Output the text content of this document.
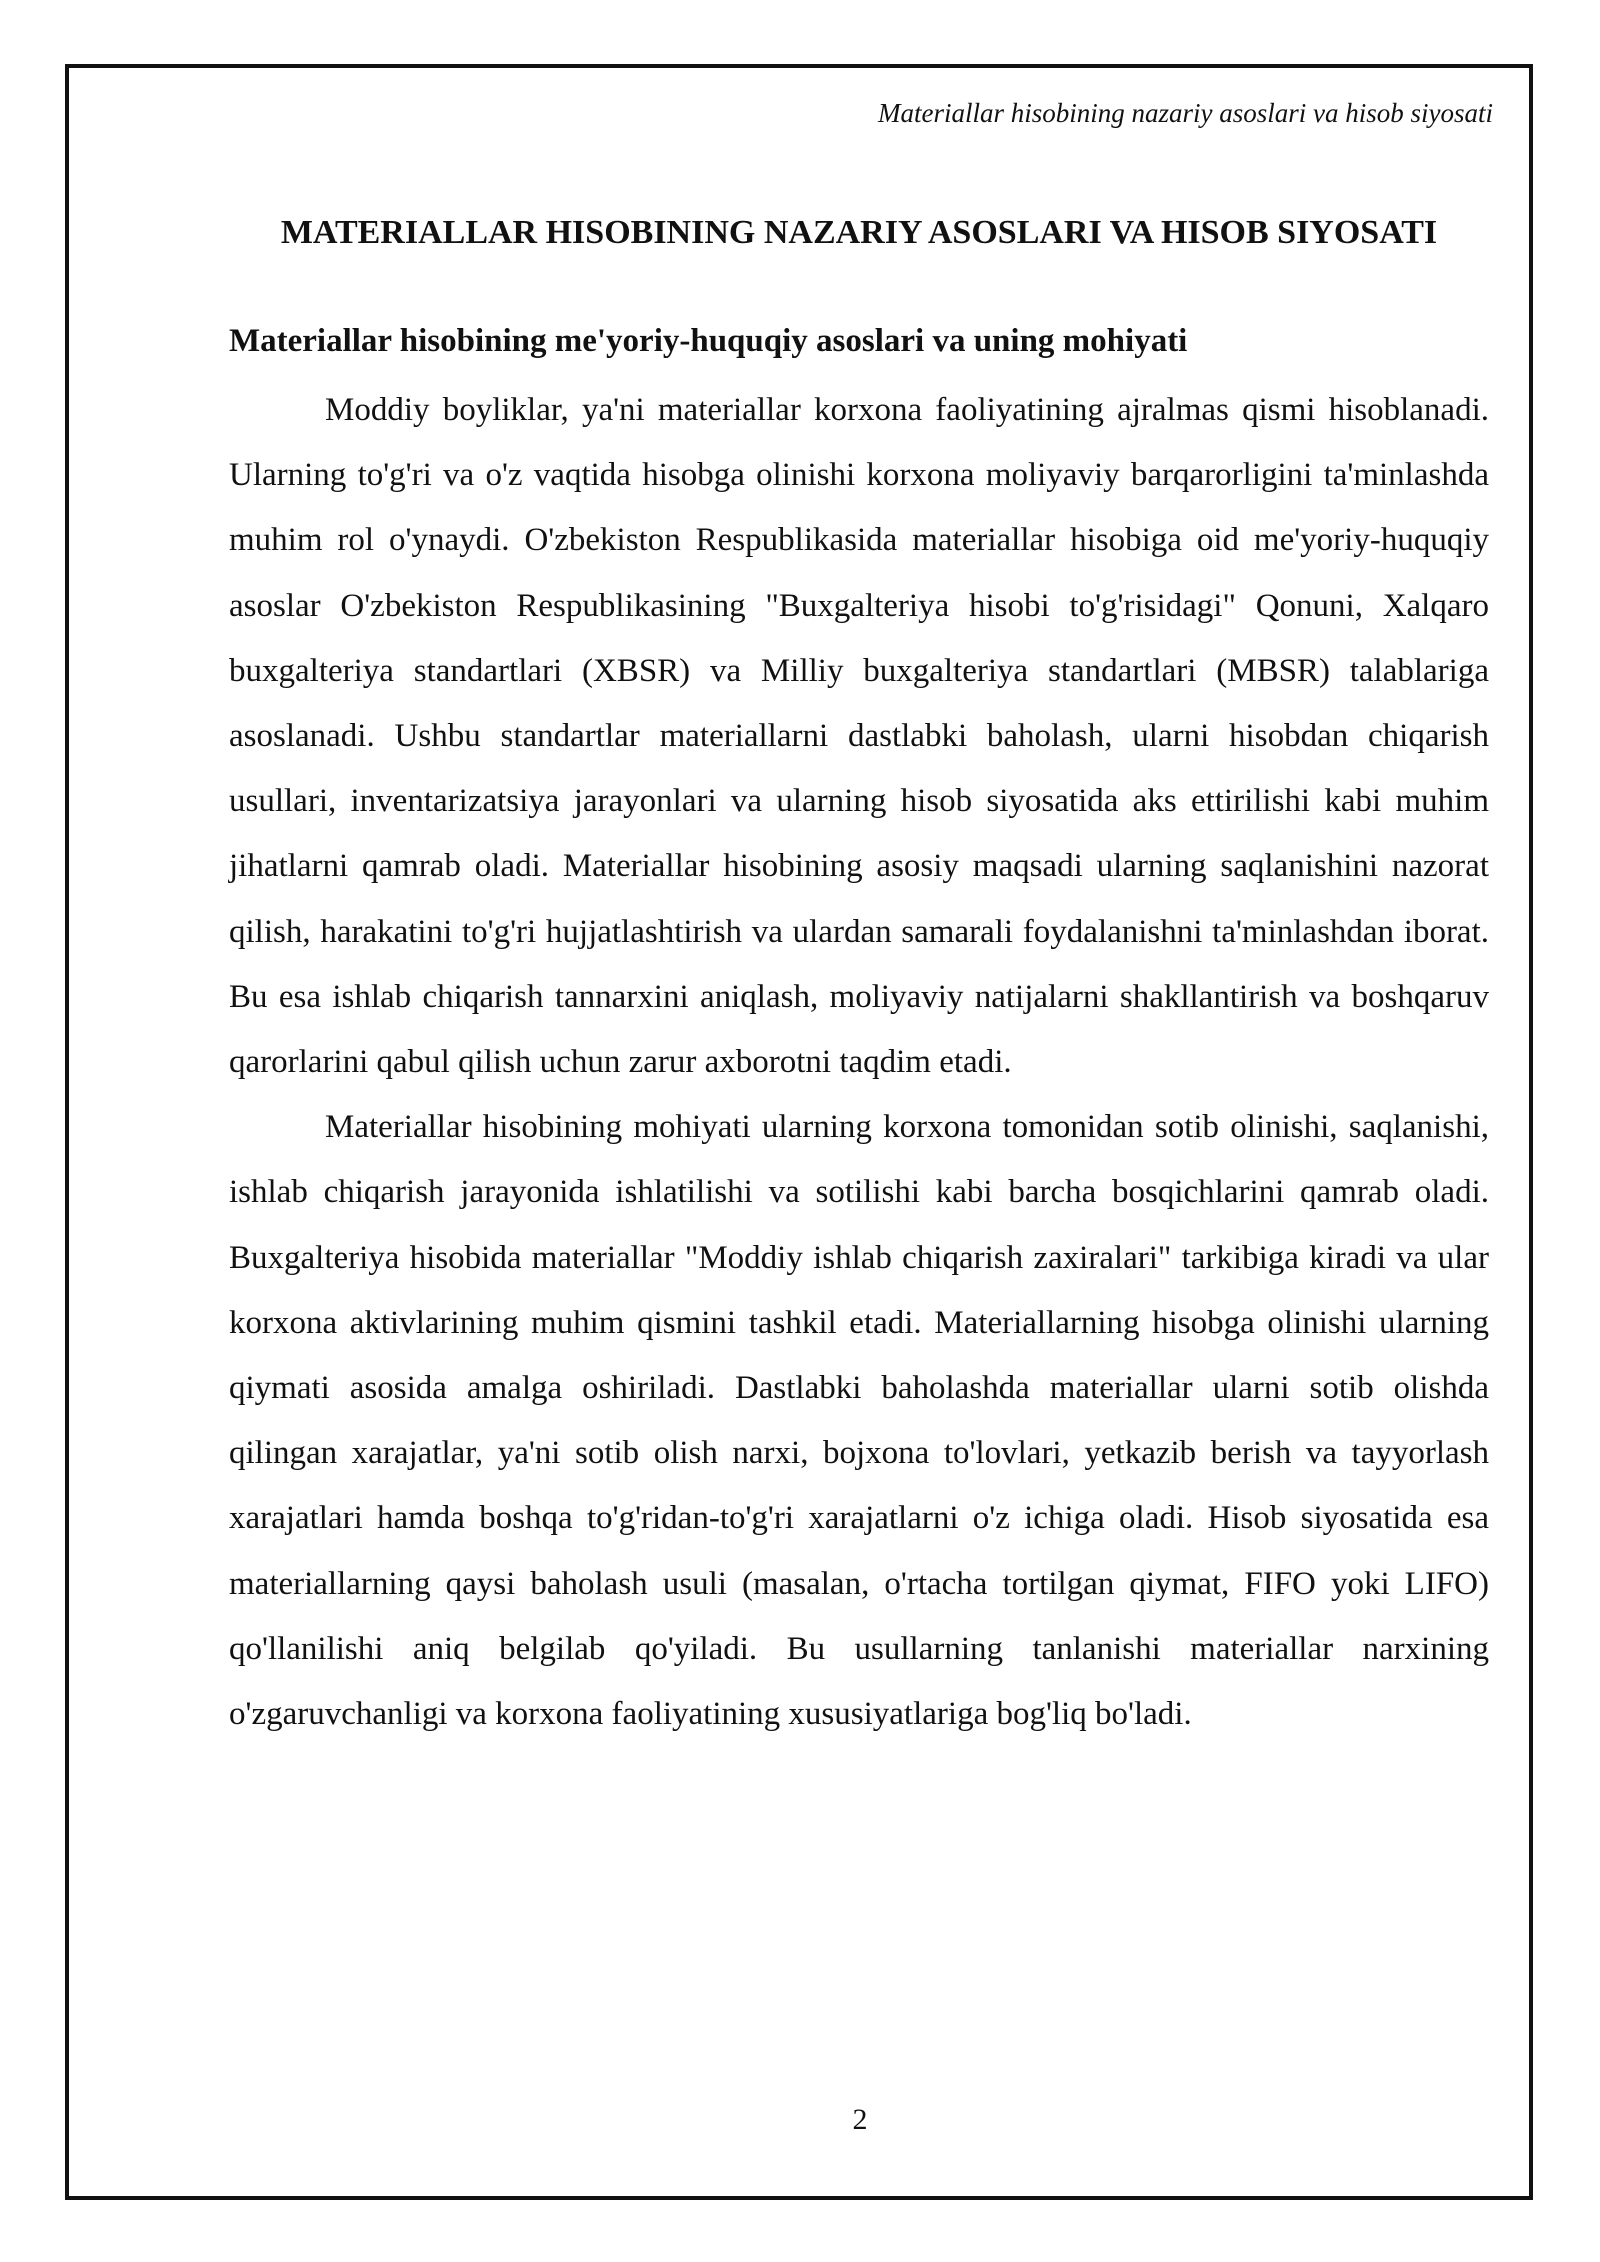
Materiallar hisobining nazariy asoslari va hisob siyosati
MATERIALLAR HISOBINING NAZARIY ASOSLARI VA HISOB SIYOSATI
Materiallar hisobining me'yoriy-huquqiy asoslari va uning mohiyati

Moddiy boyliklar, ya'ni materiallar korxona faoliyatining ajralmas qismi hisoblanadi. Ularning to'g'ri va o'z vaqtida hisobga olinishi korxona moliyaviy barqarorligini ta'minlashda muhim rol o'ynaydi. O'zbekiston Respublikasida materiallar hisobiga oid me'yoriy-huquqiy asoslar O'zbekiston Respublikasining "Buxgalteriya hisobi to'g'risidagi" Qonuni, Xalqaro buxgalteriya standartlari (XBSR) va Milliy buxgalteriya standartlari (MBSR) talablariga asoslanadi. Ushbu standartlar materiallarni dastlabki baholash, ularni hisobdan chiqarish usullari, inventarizatsiya jarayonlari va ularning hisob siyosatida aks ettirilishi kabi muhim jihatlarni qamrab oladi. Materiallar hisobining asosiy maqsadi ularning saqlanishini nazorat qilish, harakatini to'g'ri hujjatlashtirish va ulardan samarali foydalanishni ta'minlashdan iborat. Bu esa ishlab chiqarish tannarxini aniqlash, moliyaviy natijalarni shakllantirish va boshqaruv qarorlarini qabul qilish uchun zarur axborotni taqdim etadi.

Materiallar hisobining mohiyati ularning korxona tomonidan sotib olinishi, saqlanishi, ishlab chiqarish jarayonida ishlatilishi va sotilishi kabi barcha bosqichlarini qamrab oladi. Buxgalteriya hisobida materiallar "Moddiy ishlab chiqarish zaxiralari" tarkibiga kiradi va ular korxona aktivlarining muhim qismini tashkil etadi. Materiallarning hisobga olinishi ularning qiymati asosida amalga oshiriladi. Dastlabki baholashda materiallar ularni sotib olishda qilingan xarajatlar, ya'ni sotib olish narxi, bojxona to'lovlari, yetkazib berish va tayyorlash xarajatlari hamda boshqa to'g'ridan-to'g'ri xarajatlarni o'z ichiga oladi. Hisob siyosatida esa materiallarning qaysi baholash usuli (masalan, o'rtacha tortilgan qiymat, FIFO yoki LIFO) qo'llanilishi aniq belgilab qo'yiladi. Bu usullarning tanlanishi materiallar narxining o'zgaruvchanligi va korxona faoliyatining xususiyatlariga bog'liq bo'ladi.

2
